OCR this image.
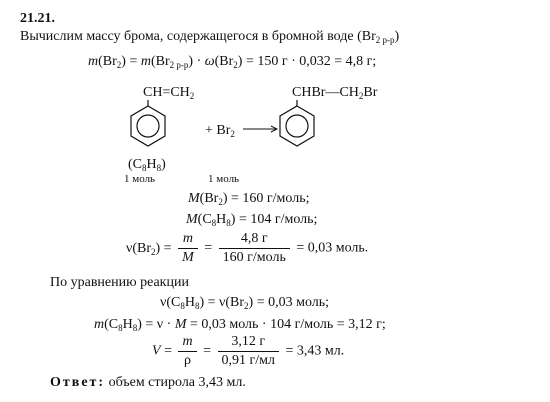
21.21.
Вычислим массу брома, содержащегося в бромной воде $(Br_{2 р-р})$
$m(Br_2) = m(Br_{2 р-р}) \cdot \omega(Br_2) = 150$ г · 0,032 = 4,8 г;
$CH=CH_2$
+ $Br_2$ →
$CHBr—CH_2Br$
$(C_8H_8)$
1 моль	1 моль
$M(Br_2) = 160$ г/моль;
$M(C_8H_8) = 104$ г/моль;
$\nu(Br_2) = \frac{m}{M} = \frac{4,8 г}{\text{160 г/моль}} = 0,03$ моль.
По уравнению реакции
$\nu(C_8H_8) = \nu(Br_2) = 0,03$ моль;
$m(C_8H_8) = \nu \cdot M = 0,03$ моль · 104 г/моль = 3,12 г;
$V = \frac{m}{\rho} = \frac{3,12 г}{0,91 г/мл} = 3,43$ мл.
Ответ: объем стирола 3,43 мл.
